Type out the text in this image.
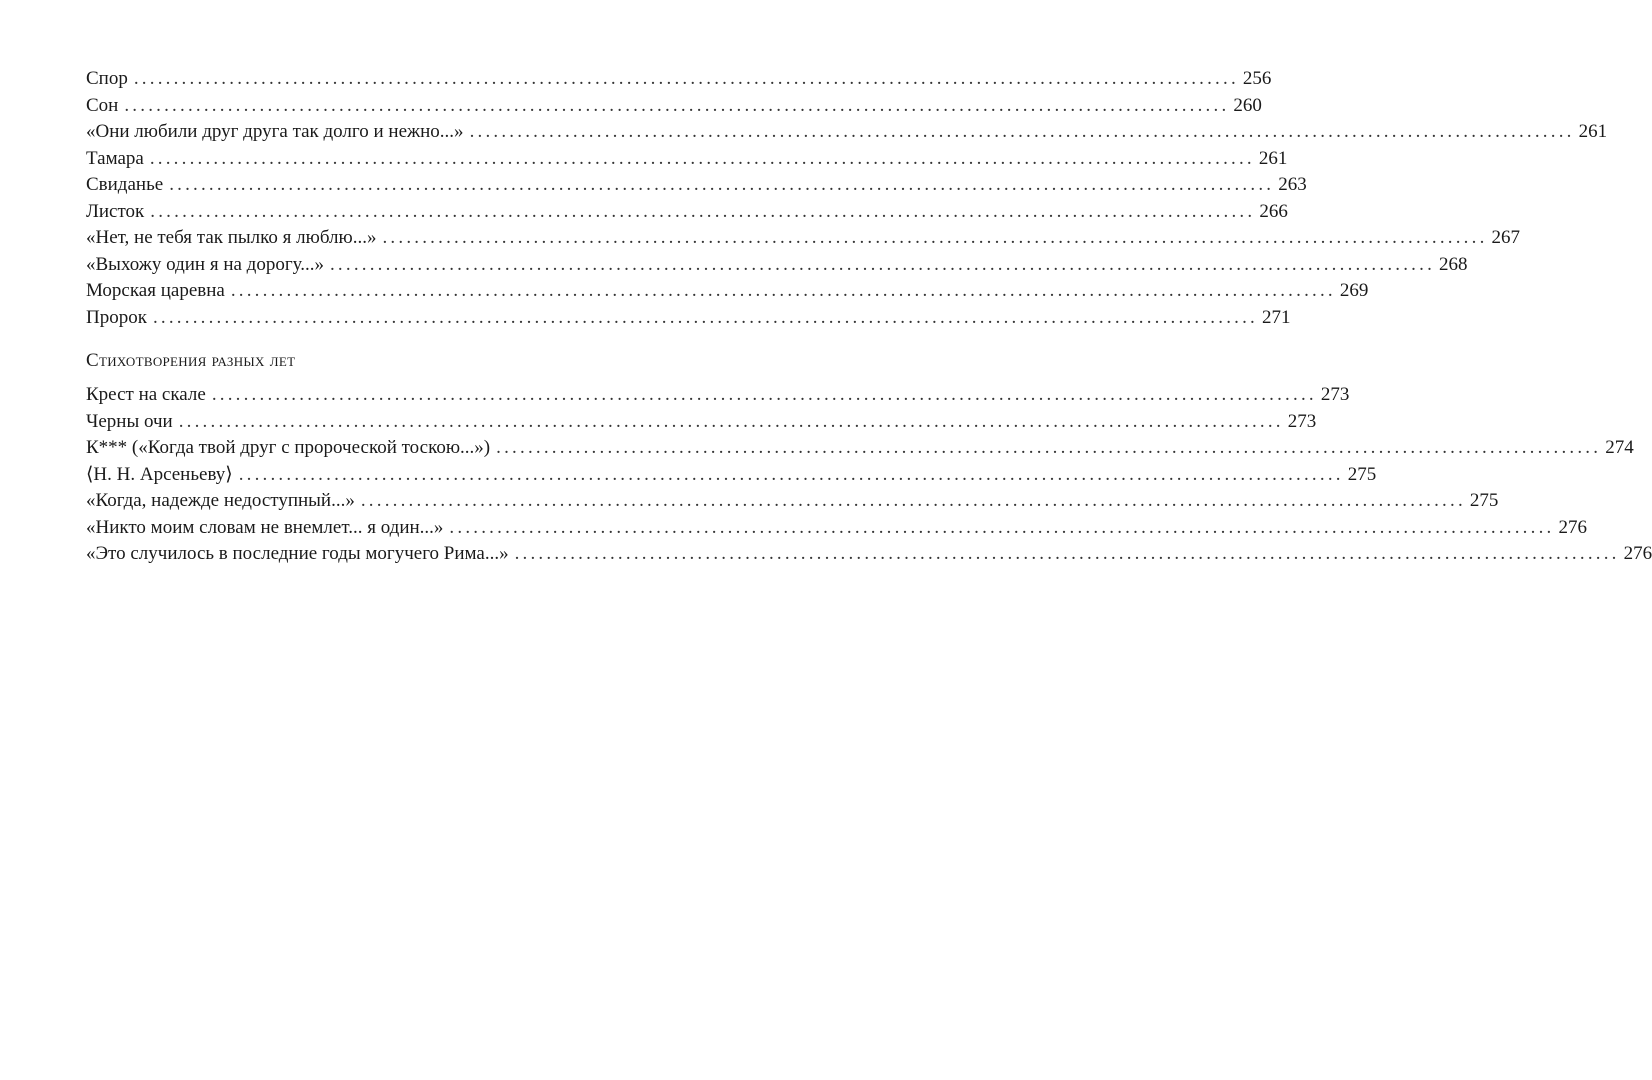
Спор ........................................................................................................................................... 256
Сон ........................................................................................................................................... 260
«Они любили друг друга так долго и нежно...» ........................................................................................................................................... 261
Тамара ........................................................................................................................................... 261
Свиданье ........................................................................................................................................... 263
Листок ........................................................................................................................................... 266
«Нет, не тебя так пылко я люблю...» ........................................................................................................................................... 267
«Выхожу один я на дорогу...» ........................................................................................................................................... 268
Морская царевна ........................................................................................................................................... 269
Пророк ........................................................................................................................................... 271
Стихотворения разных лет
Крест на скале ........................................................................................................................................... 273
Черны очи ........................................................................................................................................... 273
К*** («Когда твой друг с пророческой тоскою...») ........................................................................................................................................... 274
⟨Н. Н. Арсеньеву⟩ ........................................................................................................................................... 275
«Когда, надежде недоступный...» ........................................................................................................................................... 275
«Никто моим словам не внемлет... я один...» ........................................................................................................................................... 276
«Это случилось в последние годы могучего Рима...» ........................................................................................................................................... 276
